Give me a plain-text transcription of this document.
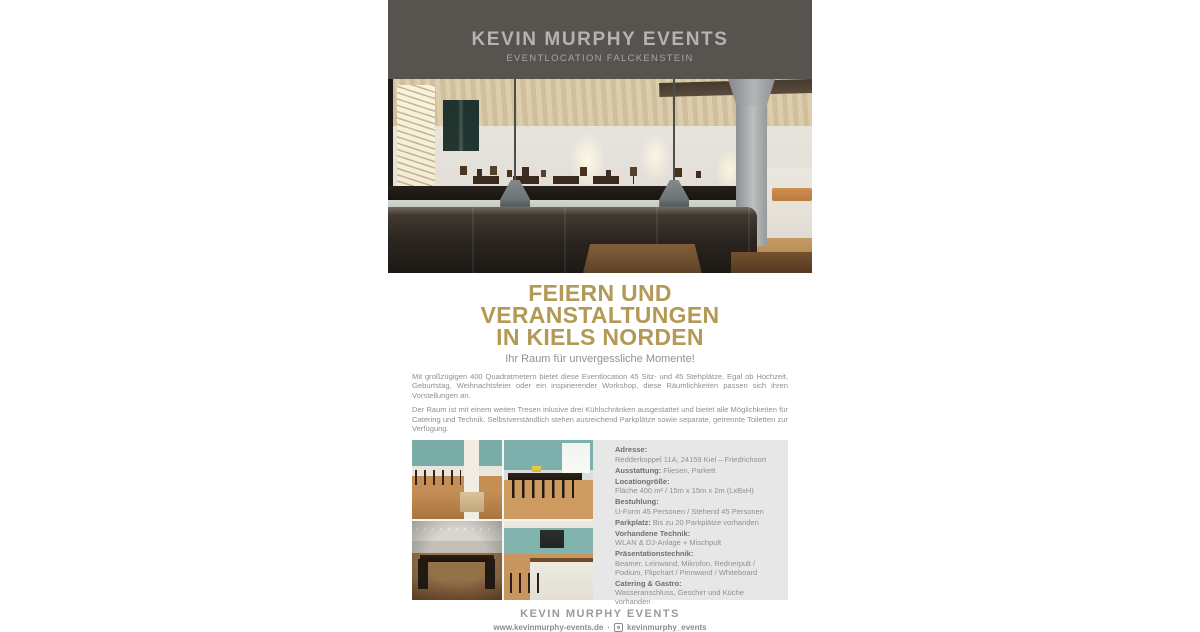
KEVIN MURPHY EVENTS
EVENTLOCATION FALCKENSTEIN
FEIERN UND VERANSTALTUNGEN
IN KIELS NORDEN

Ihr Raum für unvergessliche Momente!

Mit großzügigen 400 Quadratmetern bietet diese Eventlocation 45 Sitz- und 45 Stehplätze. Egal ob Hochzeit, Geburtstag, Weihnachtsfeier oder ein inspirierender Workshop, diese Räumlichkeiten passen sich ihren Vorstellungen an.

Der Raum ist mit einem weiten Tresen inlusive drei Kühlschränken ausgestattet und bietet alle Möglichkeiten für Catering und Technik. Selbstverständlich stehen ausreichend Parkplätze sowie separate, getrennte Toiletten zur Verfügung.

Adresse:
Redderkoppel 11A, 24159 Kiel – Friedrichsort
Ausstattung: Fliesen, Parkett
Locationgröße:
Fläche 400 m² / 15m x 15m x 2m (LxBxH)
Bestuhlung:
U-Form 45 Personen / Stehend 45 Personen
Parkplatz: Bis zu 20 Parkplätze vorhanden
Vorhandene Technik:
WLAN & DJ-Anlage + Mischpult
Präsentationstechnik:
Beamer, Leinwand, Mikrofon, Rednerpult / Podium, Flipchart / Pinnwand / Whiteboard
Catering & Gastro:
Wasseranschluss, Geschirr und Küche vorhanden
KEVIN MURPHY EVENTS
www.kevinmurphy-events.de · kevinmurphy_events
